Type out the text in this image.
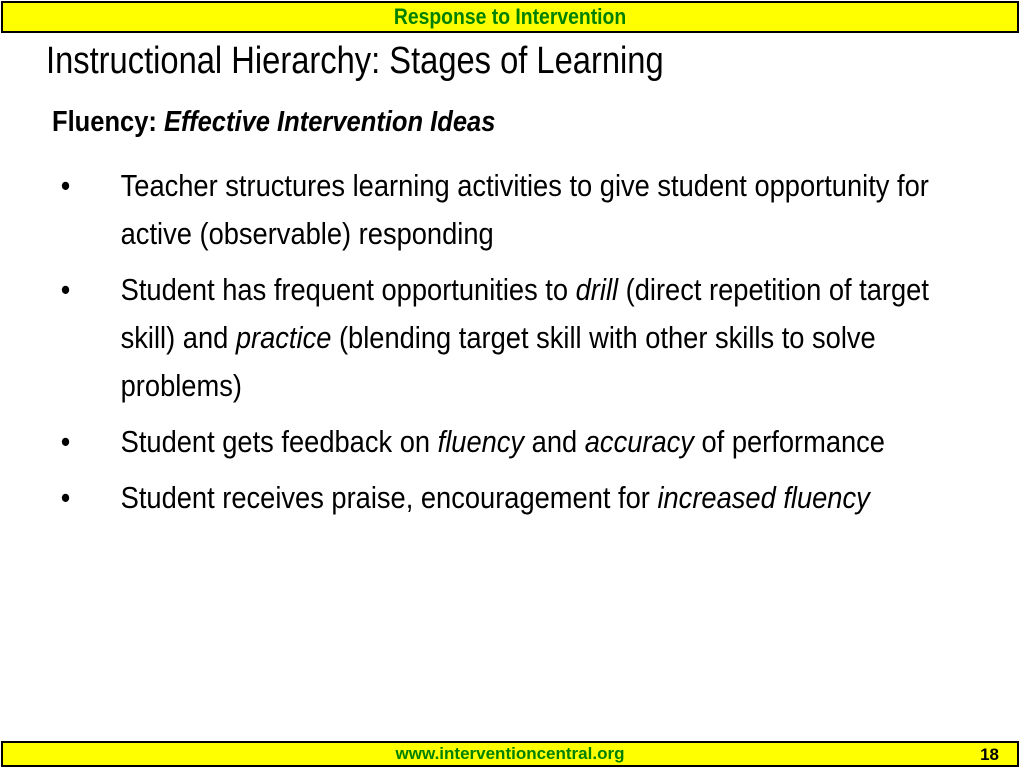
Response to Intervention
Instructional Hierarchy: Stages of Learning

Fluency: Effective Intervention Ideas

•	Teacher structures learning activities to give student opportunity for active (observable) responding
•	Student has frequent opportunities to drill (direct repetition of target skill) and practice (blending target skill with other skills to solve problems)
•	Student gets feedback on fluency and accuracy of performance
•	Student receives praise, encouragement for increased fluency
www.interventioncentral.org	18
